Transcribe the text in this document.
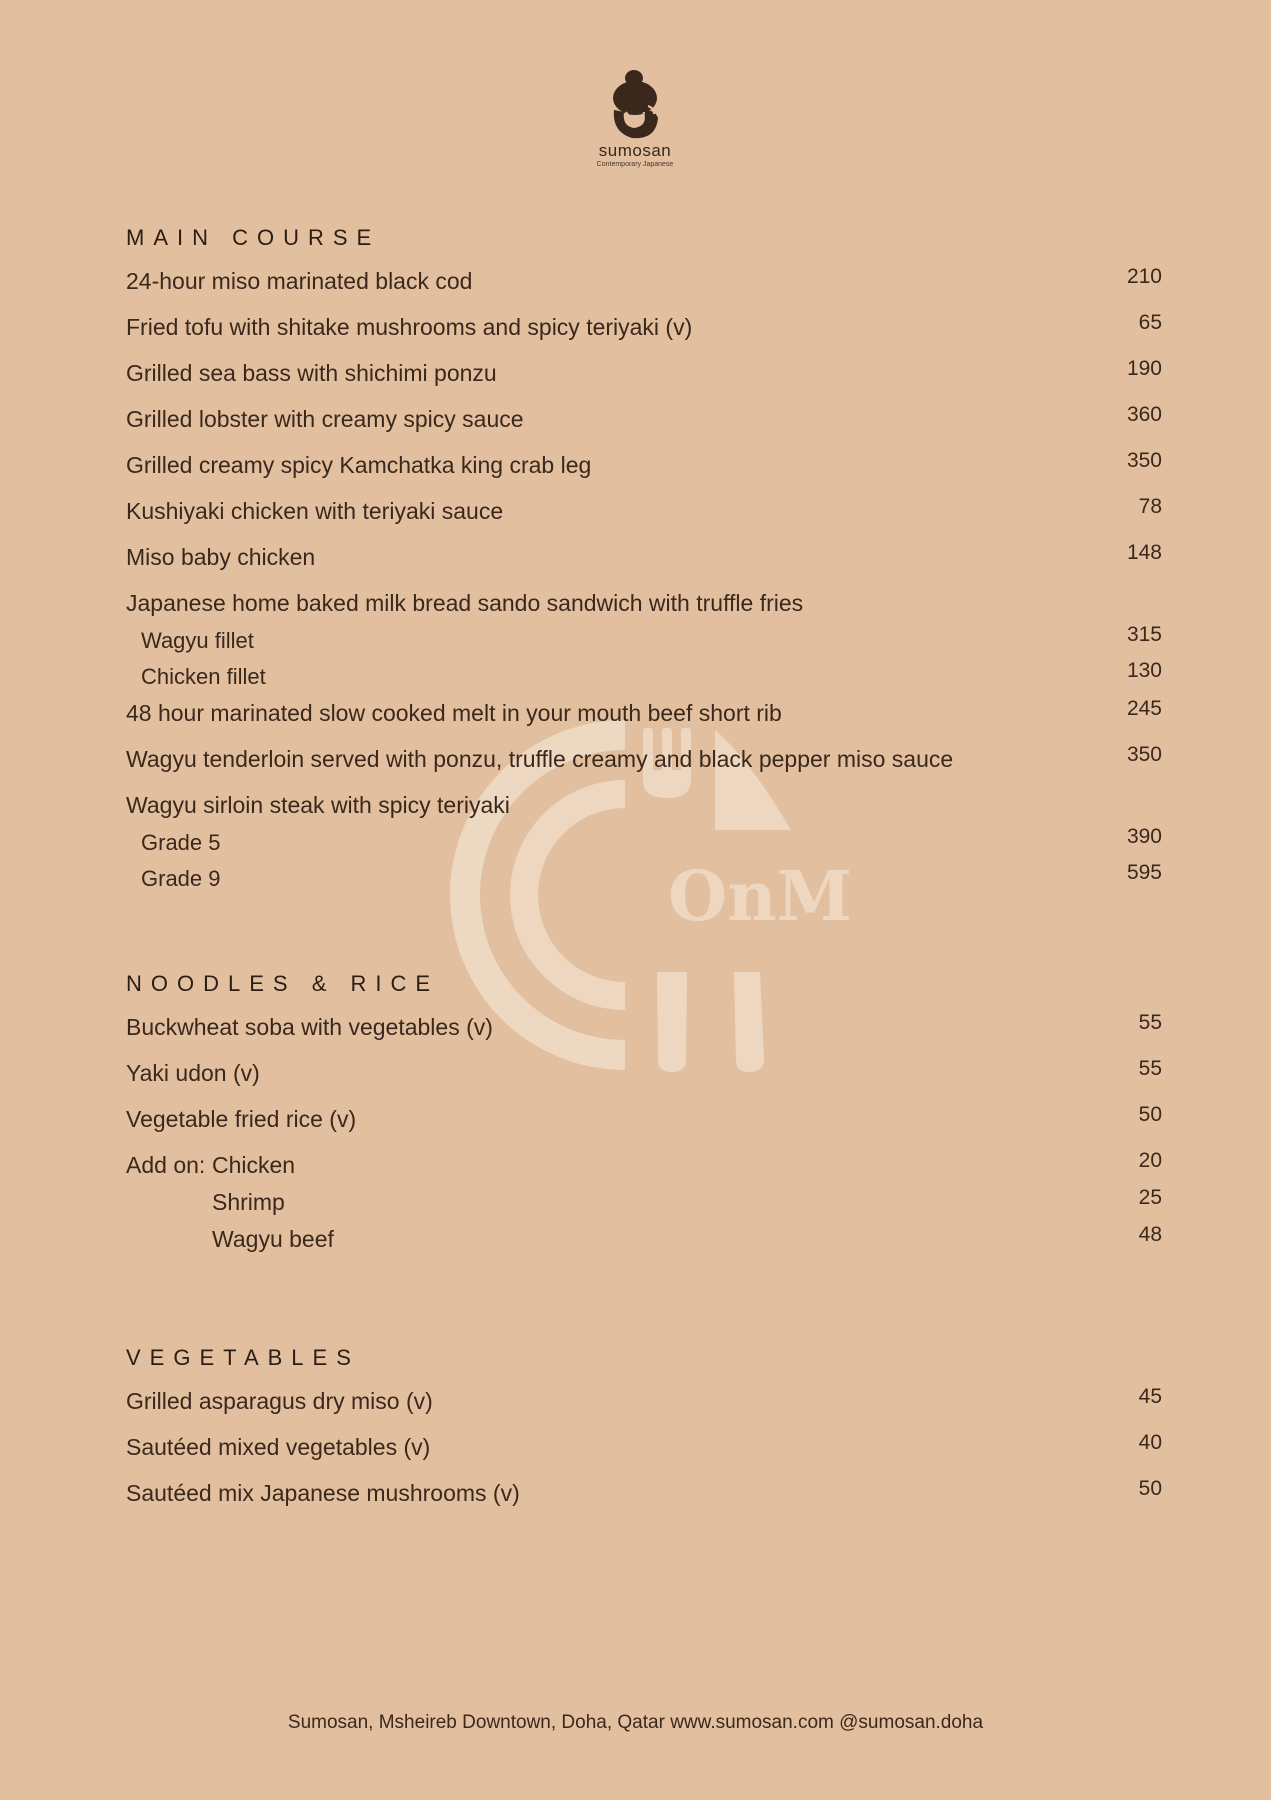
sumosan
Contemporary Japanese
OnM
MAIN COURSE
24-hour miso marinated black cod	210
Fried tofu with shitake mushrooms and spicy teriyaki (v)	65
Grilled sea bass with shichimi ponzu	190
Grilled lobster with creamy spicy sauce	360
Grilled creamy spicy Kamchatka king crab leg	350
Kushiyaki chicken with teriyaki sauce	78
Miso baby chicken	148
Japanese home baked milk bread sando sandwich with truffle fries
Wagyu fillet	315
Chicken fillet	130
48 hour marinated slow cooked melt in your mouth beef short rib	245
Wagyu tenderloin served with ponzu, truffle creamy and black pepper miso sauce	350
Wagyu sirloin steak with spicy teriyaki
Grade 5	390
Grade 9	595
NOODLES & RICE
Buckwheat soba with vegetables (v)	55
Yaki udon (v)	55
Vegetable fried rice (v)	50
Add on: Chicken	20
Shrimp	25
Wagyu beef	48
VEGETABLES
Grilled asparagus dry miso (v)	45
Sautéed mixed vegetables (v)	40
Sautéed mix Japanese mushrooms (v)	50
Sumosan, Msheireb Downtown, Doha, Qatar www.sumosan.com @sumosan.doha
